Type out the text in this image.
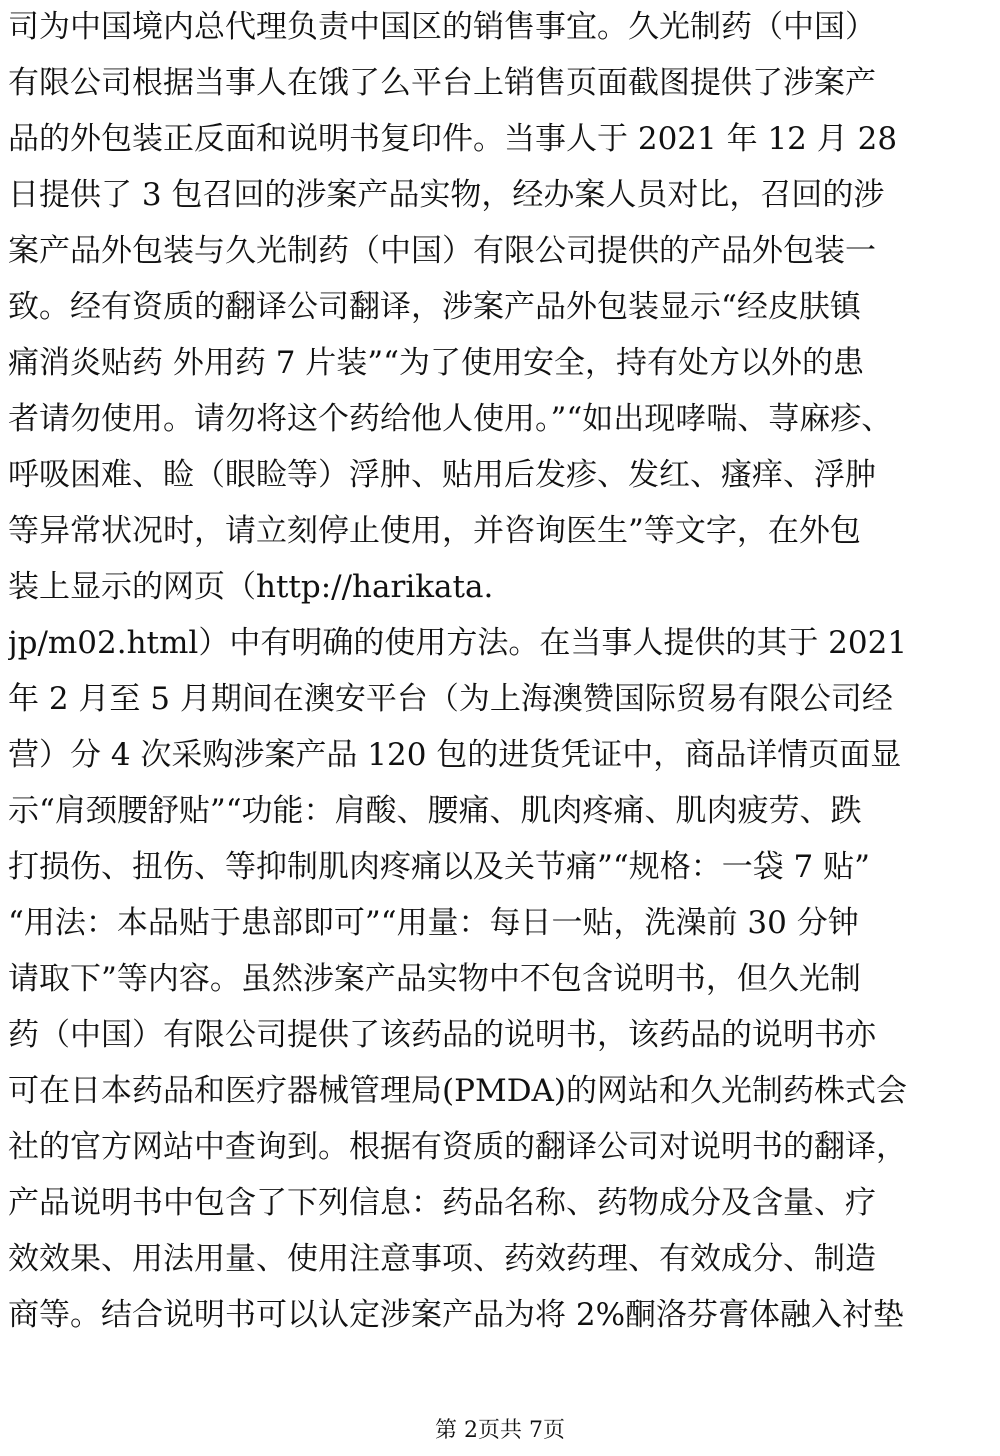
司为中国境内总代理负责中国区的销售事宜。久光制药（中国）
有限公司根据当事人在饿了么平台上销售页面截图提供了涉案产
品的外包装正反面和说明书复印件。当事人于 2021 年 12 月 28
日提供了 3 包召回的涉案产品实物，经办案人员对比，召回的涉
案产品外包装与久光制药（中国）有限公司提供的产品外包装一
致。经有资质的翻译公司翻译，涉案产品外包装显示“经皮肤镇
痛消炎贴药 外用药 7 片装”“为了使用安全，持有处方以外的患
者请勿使用。请勿将这个药给他人使用。”“如出现哮喘、荨麻疹、
呼吸困难、睑（眼睑等）浮肿、贴用后发疹、发红、瘙痒、浮肿
等异常状况时，请立刻停止使用，并咨询医生”等文字，在外包
装上显示的网页（http://harikata.
jp/m02.html）中有明确的使用方法。在当事人提供的其于 2021
年 2 月至 5 月期间在澳安平台（为上海澳赞国际贸易有限公司经
营）分 4 次采购涉案产品 120 包的进货凭证中，商品详情页面显
示“肩颈腰舒贴”“功能：肩酸、腰痛、肌肉疼痛、肌肉疲劳、跌
打损伤、扭伤、等抑制肌肉疼痛以及关节痛”“规格：一袋 7 贴”
“用法：本品贴于患部即可”“用量：每日一贴，洗澡前 30 分钟
请取下”等内容。虽然涉案产品实物中不包含说明书，但久光制
药（中国）有限公司提供了该药品的说明书，该药品的说明书亦
可在日本药品和医疗器械管理局(PMDA)的网站和久光制药株式会
社的官方网站中查询到。根据有资质的翻译公司对说明书的翻译，
产品说明书中包含了下列信息：药品名称、药物成分及含量、疗
效效果、用法用量、使用注意事项、药效药理、有效成分、制造
商等。结合说明书可以认定涉案产品为将 2%酮洛芬膏体融入衬垫
第 2页共 7页
